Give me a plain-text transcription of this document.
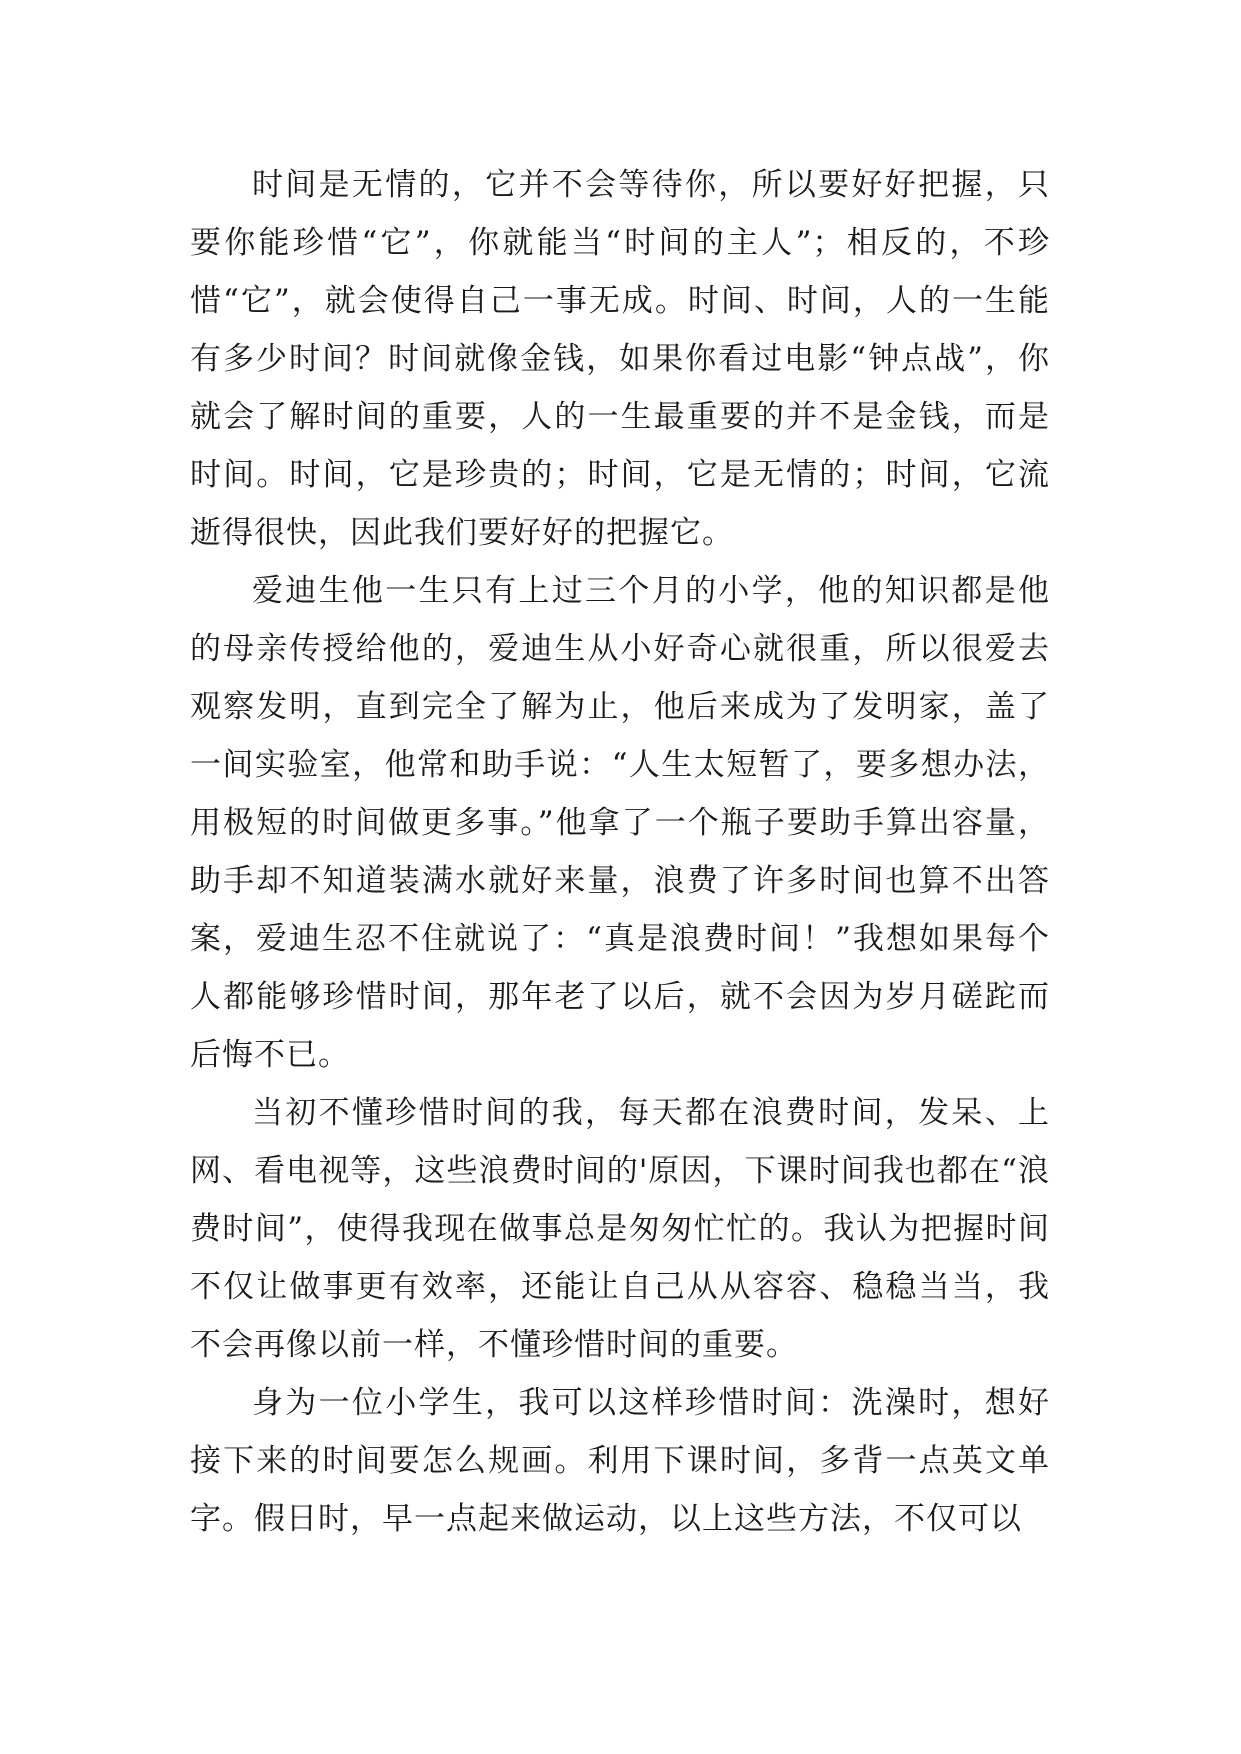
时间是无情的，它并不会等待你，所以要好好把握，只要你能珍惜“它”，你就能当“时间的主人”；相反的，不珍惜“它”，就会使得自己一事无成。时间、时间，人的一生能有多少时间？时间就像金钱，如果你看过电影“钟点战”，你就会了解时间的重要，人的一生最重要的并不是金钱，而是时间。时间，它是珍贵的；时间，它是无情的；时间，它流逝得很快，因此我们要好好的把握它。

爱迪生他一生只有上过三个月的小学，他的知识都是他的母亲传授给他的，爱迪生从小好奇心就很重，所以很爱去观察发明，直到完全了解为止，他后来成为了发明家，盖了一间实验室，他常和助手说：“人生太短暂了，要多想办法，用极短的时间做更多事。”他拿了一个瓶子要助手算出容量，助手却不知道装满水就好来量，浪费了许多时间也算不出答案，爱迪生忍不住就说了：“真是浪费时间！”我想如果每个人都能够珍惜时间，那年老了以后，就不会因为岁月磋跎而后悔不已。

当初不懂珍惜时间的我，每天都在浪费时间，发呆、上网、看电视等，这些浪费时间的'原因，下课时间我也都在“浪费时间”，使得我现在做事总是匆匆忙忙的。我认为把握时间不仅让做事更有效率，还能让自己从从容容、稳稳当当，我不会再像以前一样，不懂珍惜时间的重要。

身为一位小学生，我可以这样珍惜时间：洗澡时，想好接下来的时间要怎么规画。利用下课时间，多背一点英文单字。假日时，早一点起来做运动，以上这些方法，不仅可以
